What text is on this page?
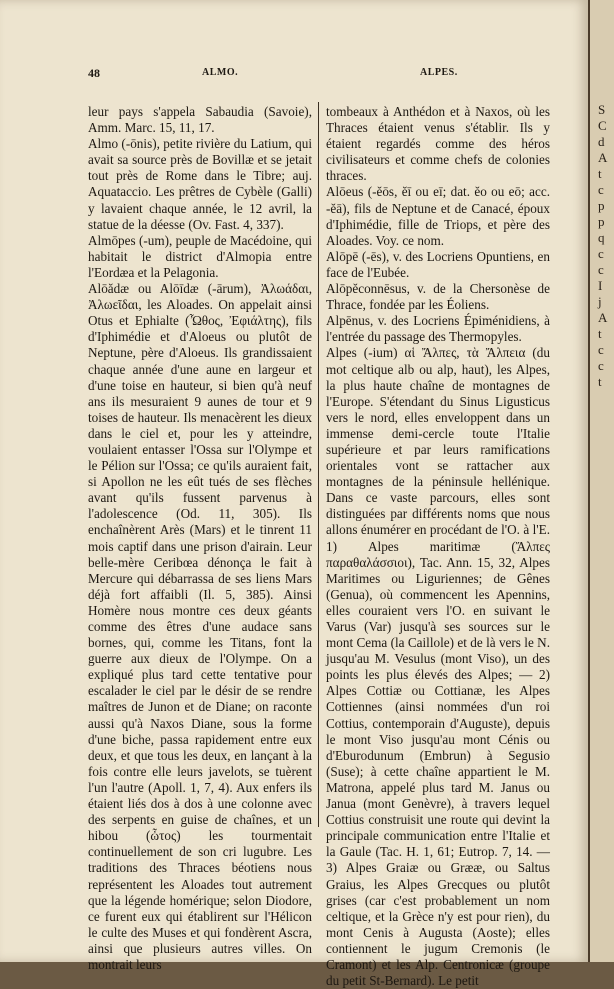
48	ALMO.	ALPES.

leur pays s'appela Sabaudia (Savoie), Amm. Marc. 15, 11, 17.

Almo (-ōnis), petite rivière du Latium, qui avait sa source près de Bovillæ et se jetait tout près de Rome dans le Tibre; auj. Aquataccio. Les prêtres de Cybèle (Galli) y lavaient chaque année, le 12 avril, la statue de la déesse (Ov. Fast. 4, 337).

Almōpes (-um), peuple de Macédoine, qui habitait le district d'Almopia entre l'Eordæa et la Pelagonia.

Alōădæ ou Alōīdæ (-ārum), Ἀλωάδαι, Ἀλωεῖδαι, les Aloades. On appelait ainsi Otus et Ephialte (Ὦθος, Ἐφιάλτης), fils d'Iphimédie et d'Aloeus ou plutôt de Neptune, père d'Aloeus. Ils grandissaient chaque année d'une aune en largeur et d'une toise en hauteur, si bien qu'à neuf ans ils mesuraient 9 aunes de tour et 9 toises de hauteur. Ils menacèrent les dieux dans le ciel et, pour les y atteindre, voulaient entasser l'Ossa sur l'Olympe et le Pélion sur l'Ossa; ce qu'ils auraient fait, si Apollon ne les eût tués de ses flèches avant qu'ils fussent parvenus à l'adolescence (Od. 11, 305). Ils enchaînèrent Arès (Mars) et le tinrent 11 mois captif dans une prison d'airain. Leur belle-mère Ceribœa dénonça le fait à Mercure qui débarrassa de ses liens Mars déjà fort affaibli (Il. 5, 385). Ainsi Homère nous montre ces deux géants comme des êtres d'une audace sans bornes, qui, comme les Titans, font la guerre aux dieux de l'Olympe. On a expliqué plus tard cette tentative pour escalader le ciel par le désir de se rendre maîtres de Junon et de Diane; on raconte aussi qu'à Naxos Diane, sous la forme d'une biche, passa rapidement entre eux deux, et que tous les deux, en lançant à la fois contre elle leurs javelots, se tuèrent l'un l'autre (Apoll. 1, 7, 4). Aux enfers ils étaient liés dos à dos à une colonne avec des serpents en guise de chaînes, et un hibou (ὦτος) les tourmentait continuellement de son cri lugubre. Les traditions des Thraces béotiens nous représentent les Aloades tout autrement que la légende homérique; selon Diodore, ce furent eux qui établirent sur l'Hélicon le culte des Muses et qui fondèrent Ascra, ainsi que plusieurs autres villes. On montrait leurs

tombeaux à Anthédon et à Naxos, où les Thraces étaient venus s'établir. Ils y étaient regardés comme des héros civilisateurs et comme chefs de colonies thraces.

Alōeus (-ĕōs, ĕī ou eī; dat. ĕo ou eō; acc. -ĕā), fils de Neptune et de Canacé, époux d'Iphimédie, fille de Triops, et père des Aloades. Voy. ce nom.

Alōpē (-ēs), v. des Locriens Opuntiens, en face de l'Eubée.

Alōpĕconnēsus, v. de la Chersonèse de Thrace, fondée par les Éoliens.

Alpēnus, v. des Locriens Épiménidiens, à l'entrée du passage des Thermopyles.

Alpes (-ium) αἱ Ἄλπες, τὰ Ἄλπεια (du mot celtique alb ou alp, haut), les Alpes, la plus haute chaîne de montagnes de l'Europe. S'étendant du Sinus Ligusticus vers le nord, elles enveloppent dans un immense demi-cercle toute l'Italie supérieure et par leurs ramifications orientales vont se rattacher aux montagnes de la péninsule hellénique. Dans ce vaste parcours, elles sont distinguées par différents noms que nous allons énumérer en procédant de l'O. à l'E. 1) Alpes maritimæ (Ἄλπες παραθαλάσσιοι), Tac. Ann. 15, 32, Alpes Maritimes ou Liguriennes; de Gênes (Genua), où commencent les Apennins, elles couraient vers l'O. en suivant le Varus (Var) jusqu'à ses sources sur le mont Cema (la Caillole) et de là vers le N. jusqu'au M. Vesulus (mont Viso), un des points les plus élevés des Alpes; — 2) Alpes Cottiæ ou Cottianæ, les Alpes Cottiennes (ainsi nommées d'un roi Cottius, contemporain d'Auguste), depuis le mont Viso jusqu'au mont Cénis ou d'Eburodunum (Embrun) à Segusio (Suse); à cette chaîne appartient le M. Matrona, appelé plus tard M. Janus ou Janua (mont Genèvre), à travers lequel Cottius construisit une route qui devint la principale communication entre l'Italie et la Gaule (Tac. H. 1, 61; Eutrop. 7, 14. — 3) Alpes Graiæ ou Grææ, ou Saltus Graius, les Alpes Grecques ou plutôt grises (car c'est probablement un nom celtique, et la Grèce n'y est pour rien), du mont Cenis à Augusta (Aoste); elles contiennent le jugum Cremonis (le Cramont) et les Alp. Centronicæ (groupe du petit St-Bernard). Le petit

S
C
d
A
t
c
p
p
q
c
c
I
j
A
t
c
c
t
